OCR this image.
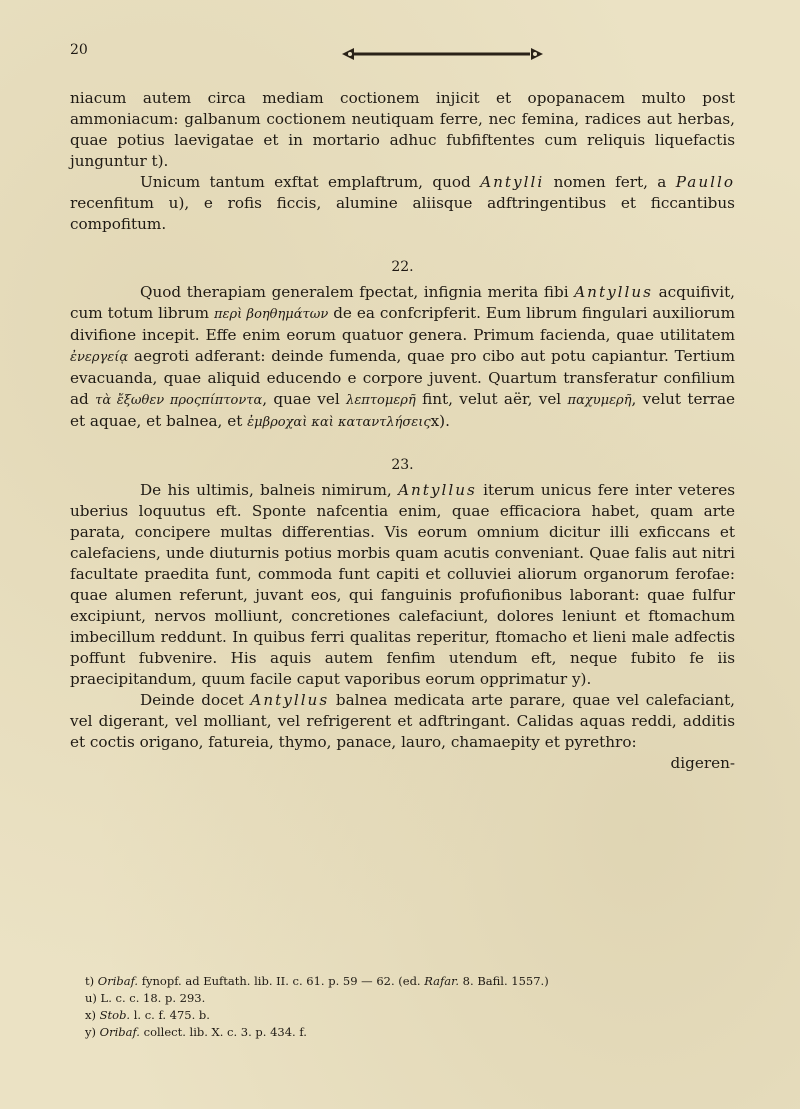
20

niacum autem circa mediam coctionem injicit et opopanacem multo post ammoniacum: galbanum coctionem neutiquam ferre, nec femina, radices aut herbas, quae potius laevigatae et in mortario adhuc fubfiftentes cum reliquis liquefactis junguntur t).

Unicum tantum exftat emplaftrum, quod Antylli nomen fert, a Paullo recenfitum u), e rofis ficcis, alumine aliisque adftringentibus et ficcantibus compofitum.

22.

Quod therapiam generalem fpectat, infignia merita fibi Antyllus acquifivit, cum totum librum περὶ βοηθημάτων de ea confcripferit. Eum librum fingulari auxiliorum divifione incepit. Effe enim eorum quatuor genera. Primum facienda, quae utilitatem ἐνεργείᾳ aegroti adferant: deinde fumenda, quae pro cibo aut potu capiantur. Tertium evacuanda, quae aliquid educendo e corpore juvent. Quartum transferatur confilium ad τὰ ἔξωθεν προςπίπτοντα, quae vel λεπτομερῆ fint, velut aër, vel παχυμερῆ, velut terrae et aquae, et balnea, et ἐμβροχαὶ καὶ καταντλήσειςx).

23.

De his ultimis, balneis nimirum, Antyllus iterum unicus fere inter veteres uberius loquutus eft. Sponte nafcentia enim, quae efficaciora habet, quam arte parata, concipere multas differentias. Vis eorum omnium dicitur illi exficcans et calefaciens, unde diuturnis potius morbis quam acutis conveniant. Quae falis aut nitri facultate praedita funt, commoda funt capiti et colluviei aliorum organorum ferofae: quae alumen referunt, juvant eos, qui fanguinis profufionibus laborant: quae fulfur excipiunt, nervos molliunt, concretiones calefaciunt, dolores leniunt et ftomachum imbecillum reddunt. In quibus ferri qualitas reperitur, ftomacho et lieni male adfectis poffunt fubvenire. His aquis autem fenfim utendum eft, neque fubito fe iis praecipitandum, quum facile caput vaporibus eorum opprimatur y).

Deinde docet Antyllus balnea medicata arte parare, quae vel calefaciant, vel digerant, vel molliant, vel refrigerent et adftringant. Calidas aquas reddi, additis et coctis origano, fatureia, thymo, panace, lauro, chamaepity et pyrethro:

digeren-
t) Oribaf. fynopf. ad Euftath. lib. II. c. 61. p. 59 — 62. (ed. Rafar. 8. Bafil. 1557.)
u) L. c. c. 18. p. 293.
x) Stob. l. c. f. 475. b.
y) Oribaf. collect. lib. X. c. 3. p. 434. f.
